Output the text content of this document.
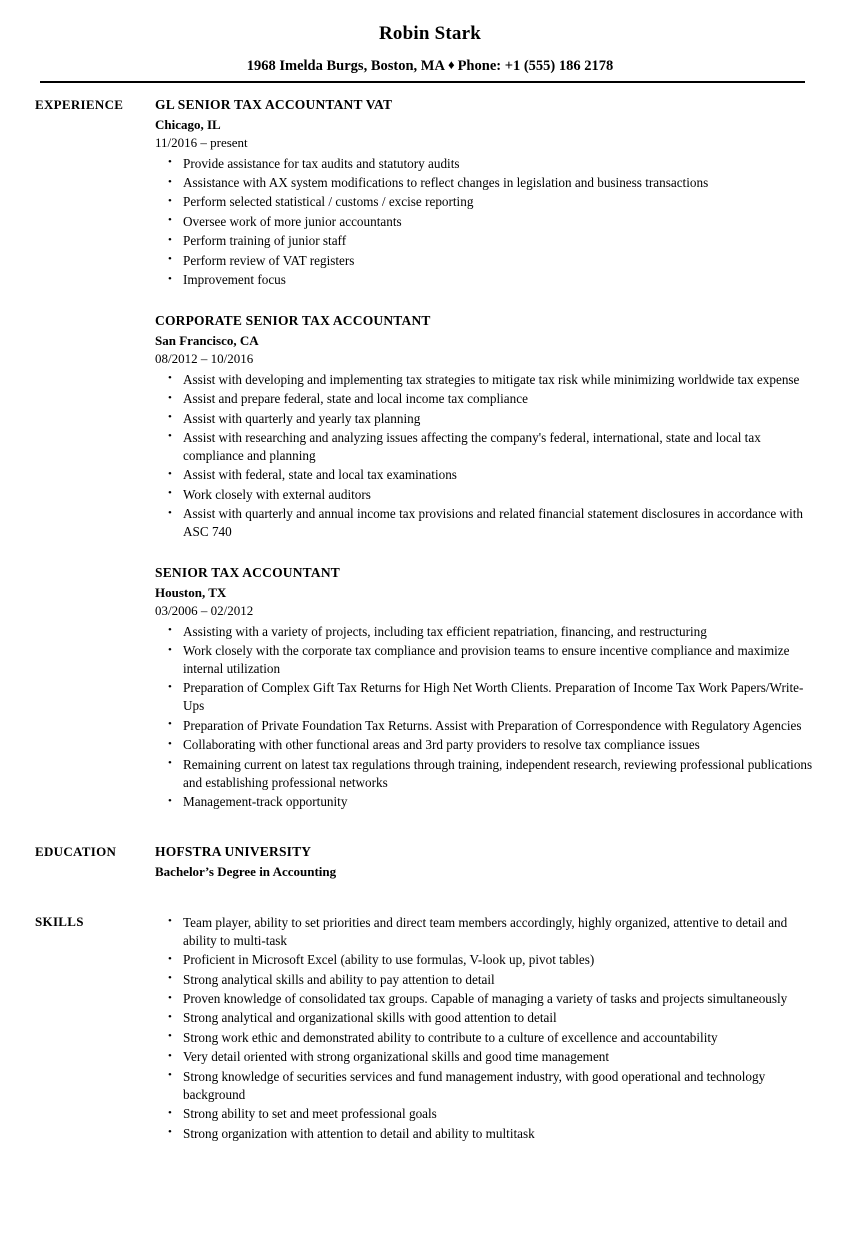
Robin Stark
1968 Imelda Burgs, Boston, MA ♦ Phone: +1 (555) 186 2178
EXPERIENCE	GL SENIOR TAX ACCOUNTANT VAT
Chicago, IL
11/2016 – present
• Provide assistance for tax audits and statutory audits
• Assistance with AX system modifications to reflect changes in legislation and business transactions
• Perform selected statistical / customs / excise reporting
• Oversee work of more junior accountants
• Perform training of junior staff
• Perform review of VAT registers
• Improvement focus
CORPORATE SENIOR TAX ACCOUNTANT
San Francisco, CA
08/2012 – 10/2016
• Assist with developing and implementing tax strategies to mitigate tax risk while minimizing worldwide tax expense
• Assist and prepare federal, state and local income tax compliance
• Assist with quarterly and yearly tax planning
• Assist with researching and analyzing issues affecting the company's federal, international, state and local tax compliance and planning
• Assist with federal, state and local tax examinations
• Work closely with external auditors
• Assist with quarterly and annual income tax provisions and related financial statement disclosures in accordance with ASC 740
SENIOR TAX ACCOUNTANT
Houston, TX
03/2006 – 02/2012
• Assisting with a variety of projects, including tax efficient repatriation, financing, and restructuring
• Work closely with the corporate tax compliance and provision teams to ensure incentive compliance and maximize internal utilization
• Preparation of Complex Gift Tax Returns for High Net Worth Clients. Preparation of Income Tax Work Papers/Write-Ups
• Preparation of Private Foundation Tax Returns. Assist with Preparation of Correspondence with Regulatory Agencies
• Collaborating with other functional areas and 3rd party providers to resolve tax compliance issues
• Remaining current on latest tax regulations through training, independent research, reviewing professional publications and establishing professional networks
• Management-track opportunity
EDUCATION	HOFSTRA UNIVERSITY
Bachelor’s Degree in Accounting
SKILLS	• Team player, ability to set priorities and direct team members accordingly, highly organized, attentive to detail and ability to multi-task
• Proficient in Microsoft Excel (ability to use formulas, V-look up, pivot tables)
• Strong analytical skills and ability to pay attention to detail
• Proven knowledge of consolidated tax groups. Capable of managing a variety of tasks and projects simultaneously
• Strong analytical and organizational skills with good attention to detail
• Strong work ethic and demonstrated ability to contribute to a culture of excellence and accountability
• Very detail oriented with strong organizational skills and good time management
• Strong knowledge of securities services and fund management industry, with good operational and technology background
• Strong ability to set and meet professional goals
• Strong organization with attention to detail and ability to multitask
